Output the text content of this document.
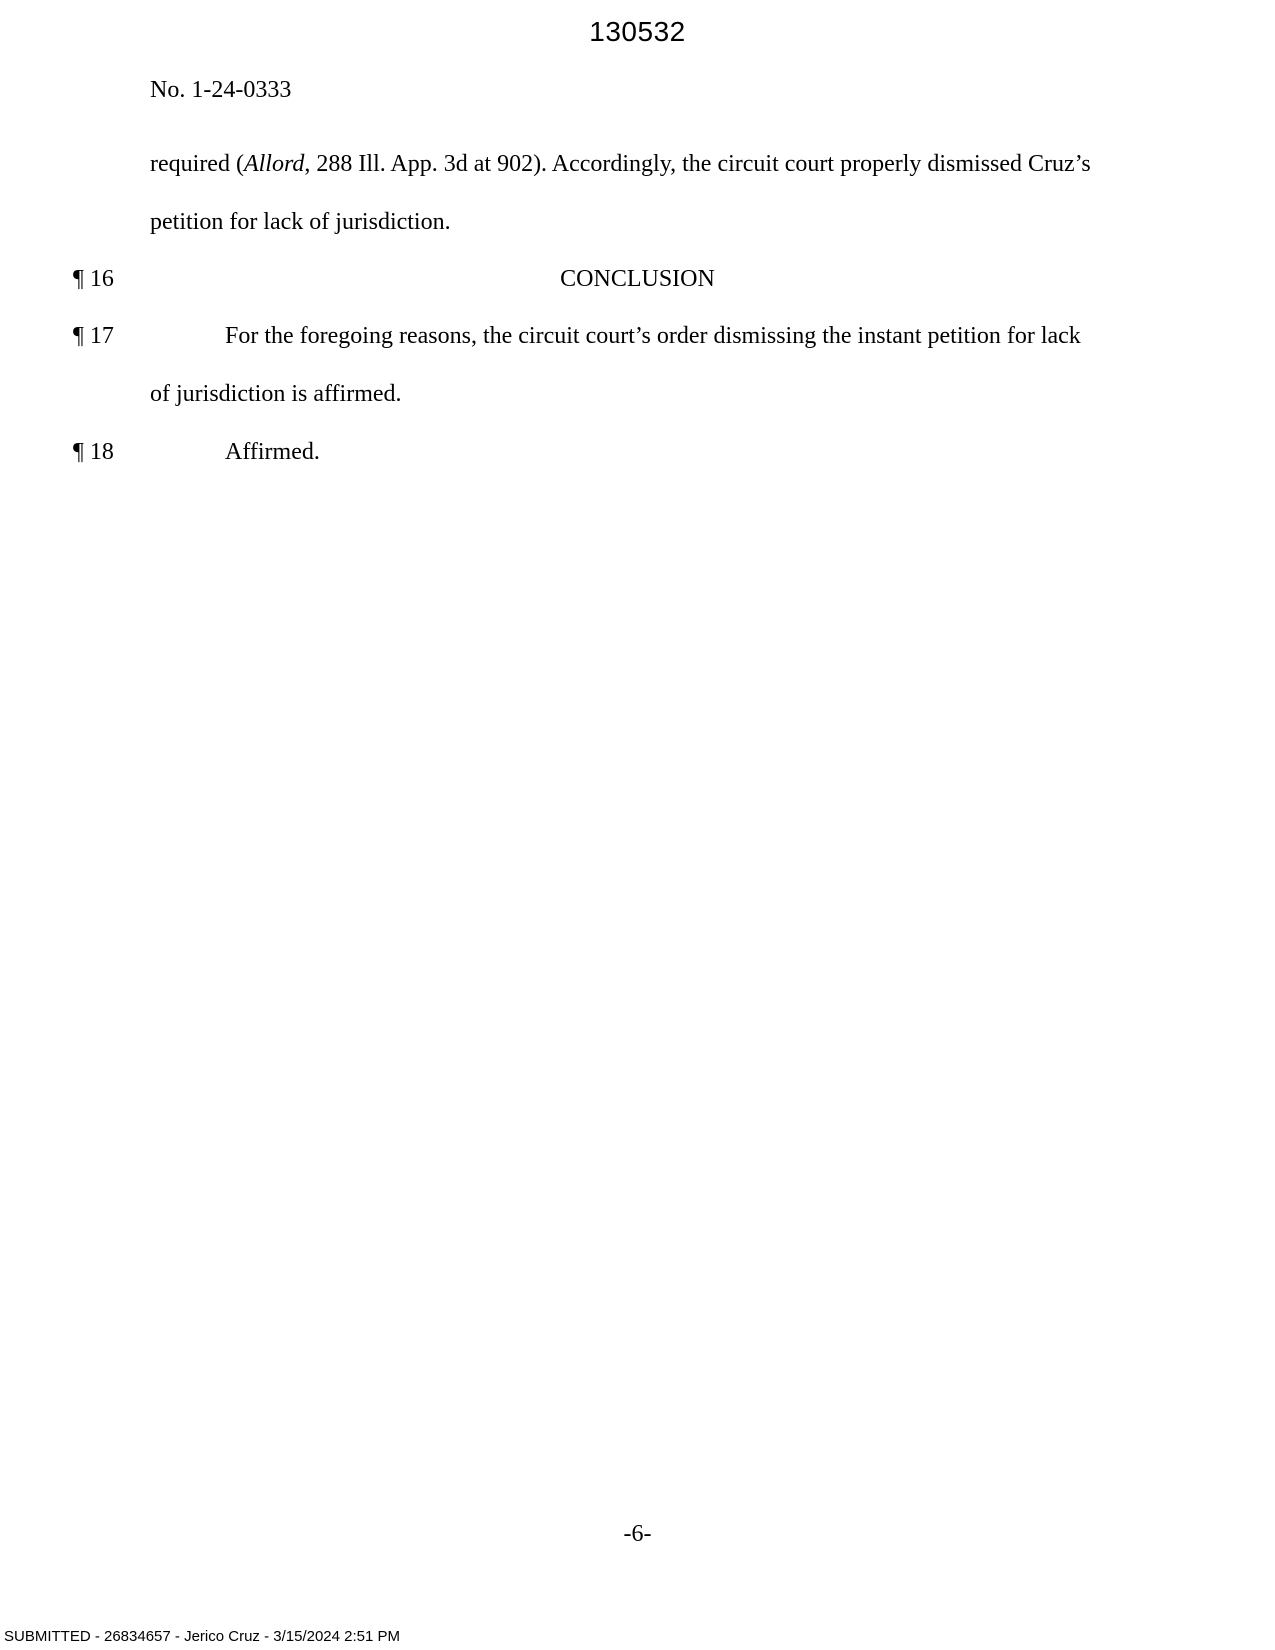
130532
No. 1-24-0333
required (Allord, 288 Ill. App. 3d at 902). Accordingly, the circuit court properly dismissed Cruz’s
petition for lack of jurisdiction.
¶ 16	CONCLUSION
¶ 17	For the foregoing reasons, the circuit court’s order dismissing the instant petition for lack
of jurisdiction is affirmed.
¶ 18	Affirmed.
-6-
SUBMITTED - 26834657 - Jerico Cruz - 3/15/2024 2:51 PM
